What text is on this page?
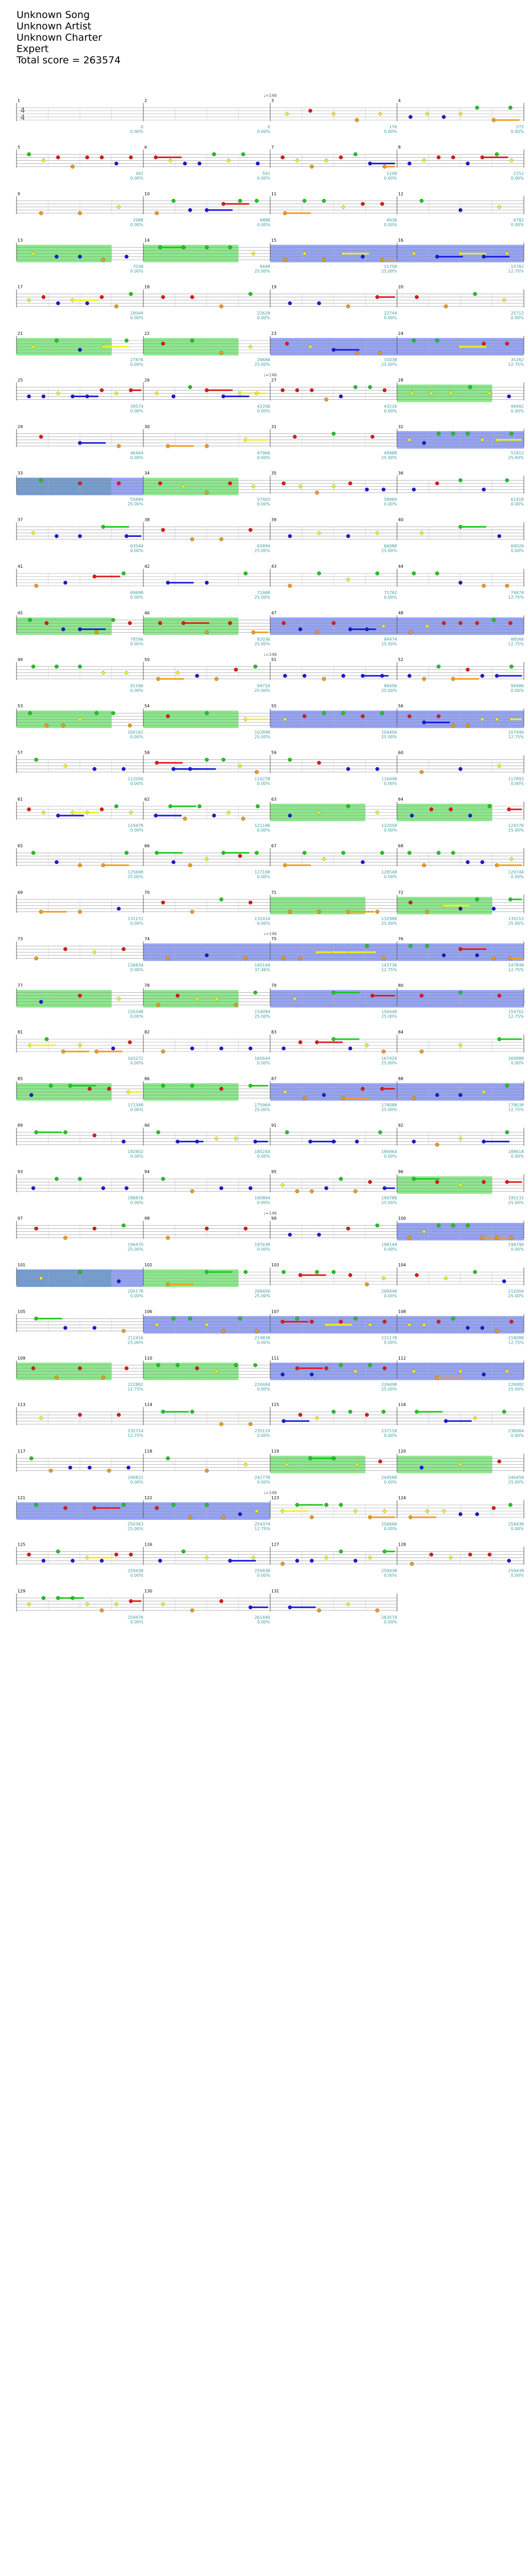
Unknown Song
Unknown Artist
Unknown Charter
Expert
Total score = 263574
1
0
0.00%
2
0
0.00%
3
176
0.00%
4
272
0.00%
♩=146
5
342
0.00%
6
592
0.00%
7
1108
0.00%
8
2252
0.00%
9
2988
0.00%
10
4888
0.00%
11
4938
0.00%
12
6782
0.00%
13
7038
0.00%
14
9448
25.00%
15
11758
25.00%
16
15782
12.75%
17
18044
0.00%
18
22628
0.00%
19
22744
0.00%
20
25712
0.00%
21
27876
0.00%
22
29686
25.00%
23
31038
25.00%
24
35262
12.75%
25
39574
0.00%
26
42206
0.00%
27
43226
0.00%
28
44492
0.00%
♩=146
29
46464
0.00%
30
47966
0.00%
31
49988
25.00%
32
51812
25.00%
33
55684
25.00%
34
57402
0.00%
35
58966
0.00%
36
61418
0.00%
37
63544
0.00%
38
65894
25.00%
39
66088
25.00%
40
69026
0.00%
41
69698
0.00%
42
71468
25.00%
43
71762
0.00%
44
74674
12.75%
45
78596
0.00%
46
82036
25.00%
47
84474
25.00%
48
88566
12.75%
49
91596
0.00%
50
94716
25.00%
51
96456
25.00%
52
99486
0.00%
♩=146
53
100162
0.00%
54
102898
25.00%
55
104404
25.00%
56
107446
12.75%
57
112056
0.00%
58
114278
0.00%
59
116448
0.00%
60
117892
0.00%
61
119478
0.00%
62
121186
0.00%
63
122058
0.00%
64
124276
25.00%
65
125698
25.00%
66
127188
0.00%
67
128548
0.00%
68
129744
0.00%
69
131172
0.00%
70
132414
0.00%
71
132988
25.00%
72
135212
25.00%
73
136834
0.00%
74
140144
37.46%
75
143736
12.75%
76
147848
12.75%
♩=146
77
150348
0.00%
78
154084
25.00%
79
156448
25.00%
80
159762
12.75%
81
163272
0.00%
82
165644
0.00%
83
167424
25.00%
84
169988
0.00%
85
171348
0.00%
86
175964
25.00%
87
178088
25.00%
88
179038
12.75%
89
182802
0.00%
90
185244
0.00%
91
186964
0.00%
92
188618
0.00%
93
188876
0.00%
94
190864
0.00%
95
190788
25.00%
96
195132
25.00%
97
196470
25.00%
98
197638
0.00%
99
198144
0.00%
100
198790
0.00%
♩=146
101
200178
0.00%
102
206456
25.00%
103
209448
0.00%
104
211004
25.00%
105
212416
25.00%
106
214838
0.00%
107
221178
0.00%
108
218088
12.75%
109
222882
12.75%
110
224444
0.00%
111
226498
25.00%
112
228482
25.00%
113
232714
12.75%
114
235119
0.00%
115
237118
0.00%
116
238064
0.00%
117
240822
0.00%
118
242778
0.00%
119
244588
0.00%
120
246458
25.00%
121
250363
25.00%
122
254374
12.75%
123
256666
0.00%
124
259438
0.00%
♩=146
125
259438
0.00%
126
259438
0.00%
127
259438
0.00%
128
259438
0.00%
129
259478
0.00%
130
261440
0.00%
131
263574
0.00%
4
4
